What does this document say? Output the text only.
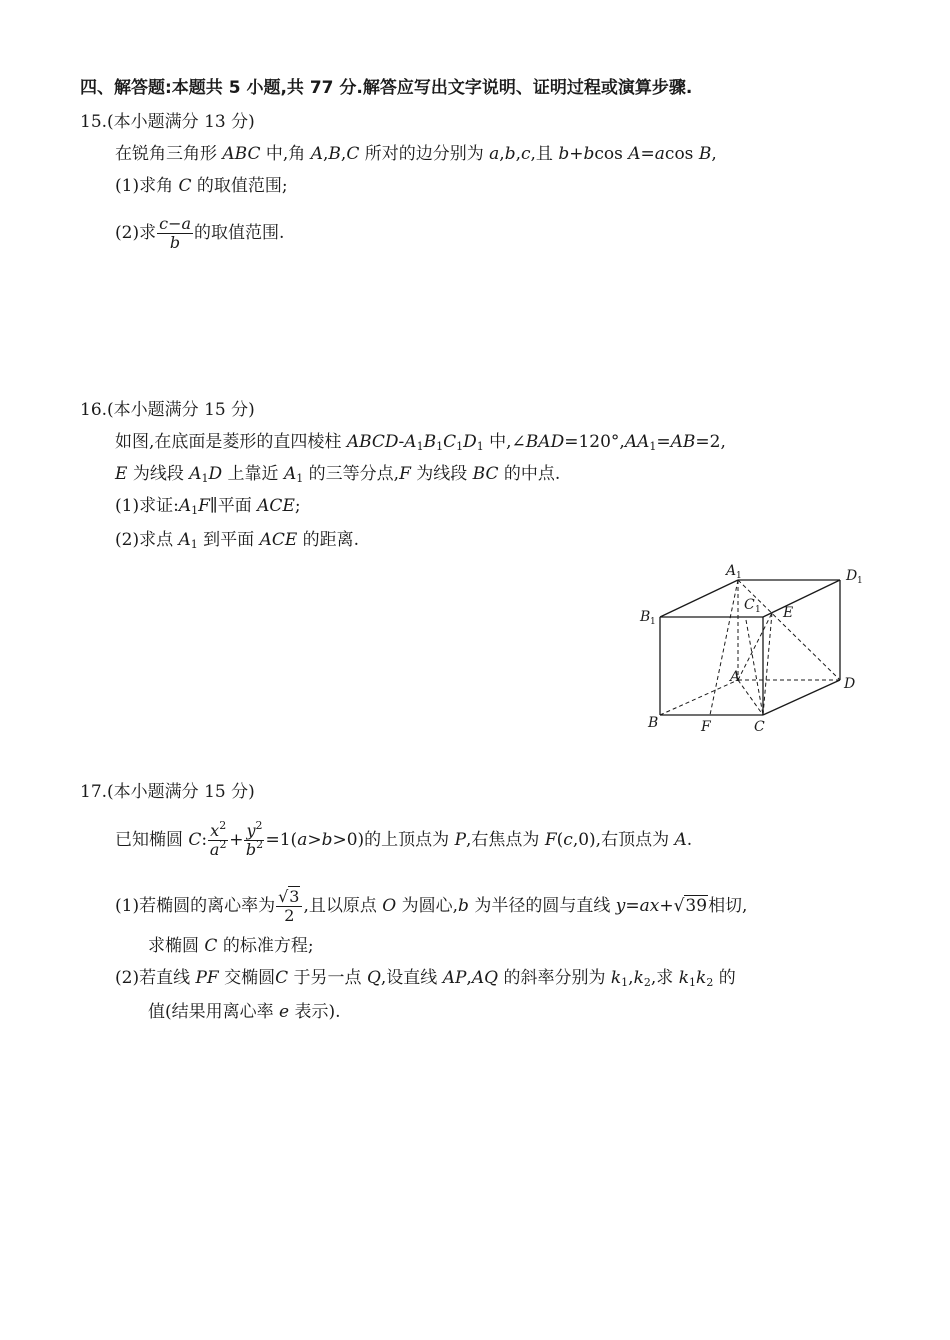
四、解答题:本题共 5 小题,共 77 分.解答应写出文字说明、证明过程或演算步骤.
15.(本小题满分 13 分)
在锐角三角形 ABC 中,角 A,B,C 所对的边分别为 a,b,c,且 b+bcos A=acos B,
(1)求角 C 的取值范围;
(2)求 $\frac{c-a}{b}$ 的取值范围.
16.(本小题满分 15 分)
如图,在底面是菱形的直四棱柱 ABCD-$A_1B_1C_1D_1$ 中$,\angle BAD=120^\circ,AA_1=AB=2$,
E 为线段 $A_1D$ 上靠近 $A_1$ 的三等分点,F 为线段 BC 的中点.
(1)求证$:A_1F\parallel$平面 ACE;
(2)求点 $A_1$ 到平面 ACE 的距离.
A 1	D 1
B 1
C 1 E
A	D
B	F	C
17.(本小题满分 15 分)
已知椭圆 C: $\frac{x^2}{a^2} + \frac{y^2}{b^2} =1(a>b>0)$的上顶点为 P,右焦点为 F(c,0),右顶点为 A.
(1)若椭圆的离心率为 $\frac{√3}{2}$ ,且以原点 O 为圆心,b 为半径的圆与直线 y=ax+√39相切,
求椭圆 C 的标准方程;
(2)若直线 PF 交椭圆C 于另一点 Q,设直线 AP,AQ 的斜率分别为 $k_1,k_2$,求 $k_1k_2$ 的
值(结果用离心率 e 表示).
